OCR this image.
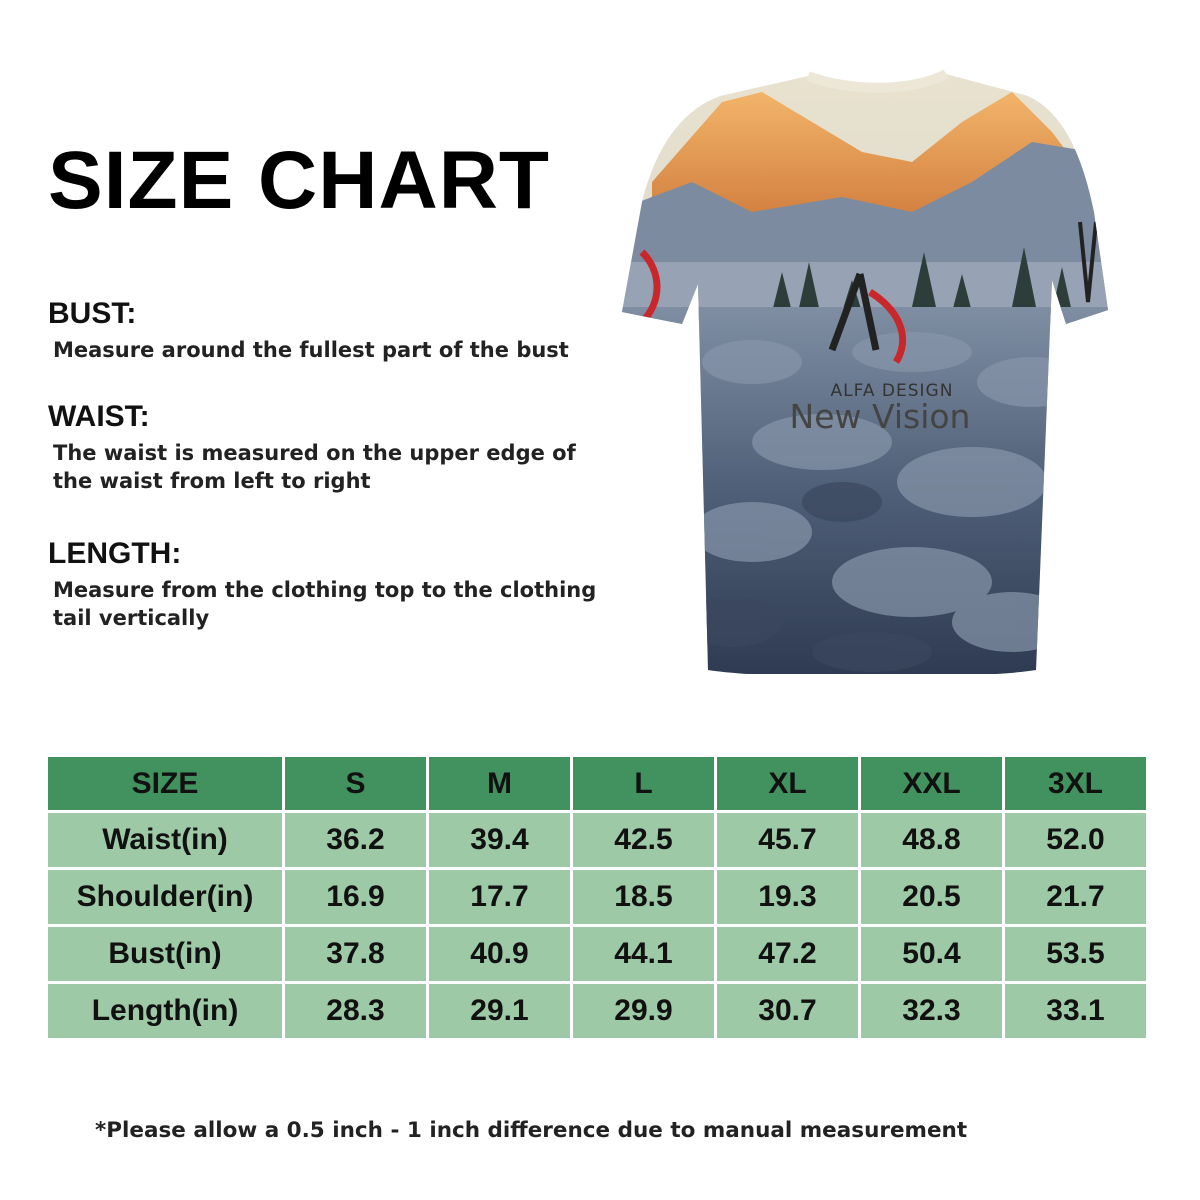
SIZE CHART
BUST:

Measure around the fullest part of the bust

WAIST:

The waist is measured on the upper edge of
the waist from left to right

LENGTH:

Measure from the clothing top to the clothing
tail vertically

ALFA DESIGN
New Vision
SIZE	S	M	L	XL	XXL	3XL
Waist(in)	36.2	39.4	42.5	45.7	48.8	52.0
Shoulder(in)	16.9	17.7	18.5	19.3	20.5	21.7
Bust(in)	37.8	40.9	44.1	47.2	50.4	53.5
Length(in)	28.3	29.1	29.9	30.7	32.3	33.1

*Please allow a 0.5 inch - 1 inch difference due to manual measurement
